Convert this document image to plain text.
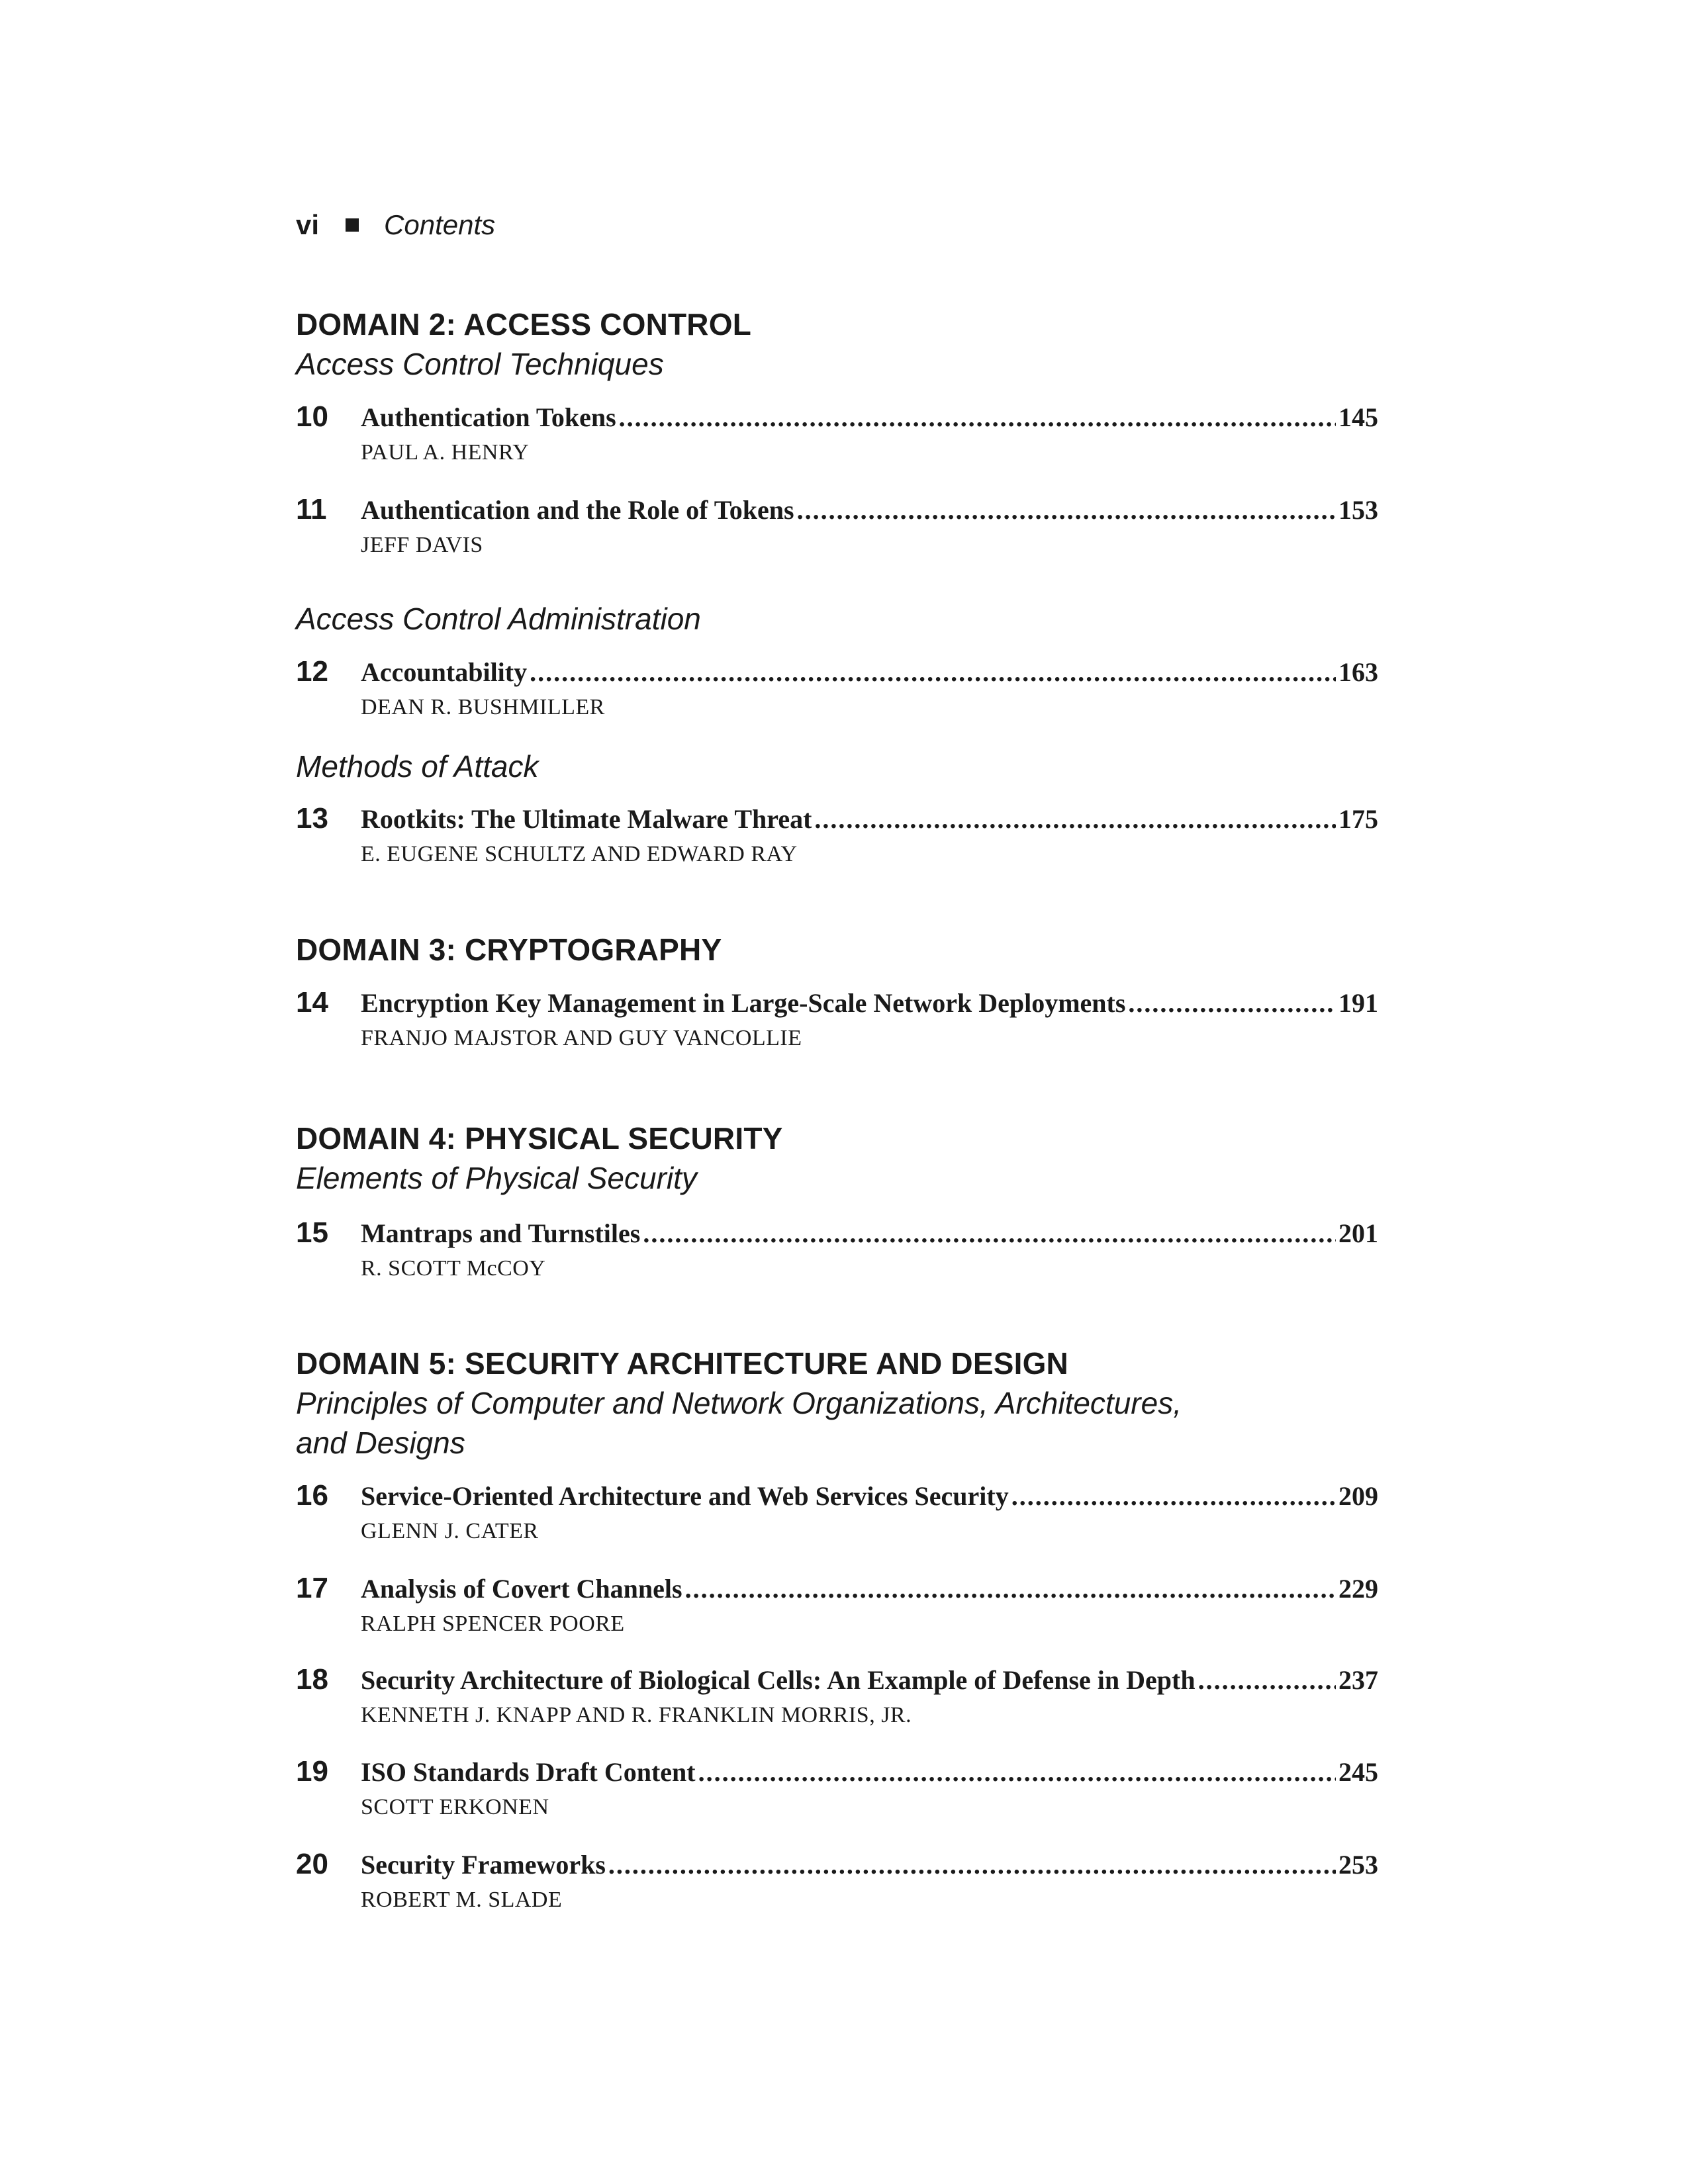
vi Contents
DOMAIN 2: ACCESS CONTROL
Access Control Techniques
10	Authentication Tokens .....	145
PAUL A. HENRY
11	Authentication and the Role of Tokens .....	153
JEFF DAVIS
Access Control Administration
12	Accountability .....	163
DEAN R. BUSHMILLER
Methods of Attack
13	Rootkits: The Ultimate Malware Threat .....	175
E. EUGENE SCHULTZ AND EDWARD RAY
DOMAIN 3: CRYPTOGRAPHY
14	Encryption Key Management in Large-Scale Network Deployments .....	191
FRANJO MAJSTOR AND GUY VANCOLLIE
DOMAIN 4: PHYSICAL SECURITY
Elements of Physical Security
15	Mantraps and Turnstiles .....	201
R. SCOTT McCOY
DOMAIN 5: SECURITY ARCHITECTURE AND DESIGN
Principles of Computer and Network Organizations, Architectures,
and Designs
16	Service-Oriented Architecture and Web Services Security .....	209
GLENN J. CATER
17	Analysis of Covert Channels .....	229
RALPH SPENCER POORE
18	Security Architecture of Biological Cells: An Example of Defense in Depth .....	237
KENNETH J. KNAPP AND R. FRANKLIN MORRIS, JR.
19	ISO Standards Draft Content .....	245
SCOTT ERKONEN
20	Security Frameworks .....	253
ROBERT M. SLADE
